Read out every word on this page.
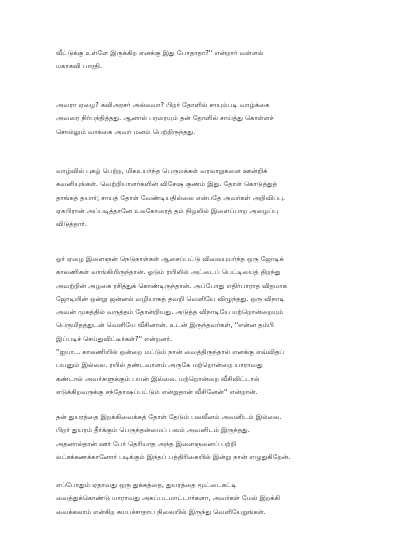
வீட்டுக்கு உள்ளே இருக்கிற எனக்கு இது போதாதா?'' என்றார் வள்ளல்
மகாகவி பாரதி.

அவரா ஏழை? கவிஅரசர் அல்லவா? பிறர் தோளில் சாயும்படி வாழ்க்கை
அவரை நிர்பந்தித்தது. ஆனால் பரரையும் தன் தோளில் சாய்த்து கொள்ளச்
சொல்லும் வாக்கை அவர் மனம் பெற்றிருந்தது.

வாழ்வில் புகழ் பெற்ற, மிகஉயர்ந்த பெருமக்கள் வரலாறுகளை ஊன்றிக்
கவனியுங்கள். வெற்றியாளர்களின் விசேஷ குணம் இது. தோள் கொடுத்துத்
தாங்கத் தயார்; சாயத் தோள் வேண்டியதில்லை என்பதே அவர்கள் அறிவிப்பு.
ஏகபிரான் அப்படித்தானே உலகோரைத் தம் நிழலில் இளைப்பாற அழைப்பு
விடுத்தார்.

ஓர் ஏழை இளைஞன் நெடுநாள்கள் ஆசைப்பட்டு விலையுயர்ந்த ஒரு ஜோடிக்
காலணிகள் வாங்கியிருந்தான். ஓடும் ரயிலில் அட்டைப் பெட்டியைத் திறந்து
அவற்றின் அழகை ரசித்துக் கொண்டிருந்தான். அப்போது எதிர்பாராத விதமாக
ஜோடியின் ஒன்று ஜன்னல் வழியாகத் தவறி வெளியே விழுந்தது. ஒரு விநாடி
அவன் முகத்தில் வருத்தம் தோன்றியது. அடுத்த விநாடியே மற்றொன்றையும்
பெருமிதத்துடன் வெளியே வீசினான். உடன் இருந்தவர்கள், ''என்ன தம்பி
இப்படிச் செய்துவிட்டீர்கள்?'' என்றனர்.
''ஐயா... காலணியில் ஒன்றை மட்டும் நான் வைத்திருந்தால் எனக்கு எவ்விதப்
பயனும் இல்லை. ரயில் தண்டவாளம் அருகே மற்றொன்றை யாராவது
கண்டால் அவர்களுக்கும் பயன் இல்லை. மற்றொன்றை வீசிவிட்டால்
எடுக்கிறவருக்கு சந்தோஷப்பட்டும் என்றுதான் வீசினேன்'' என்றான்.

தன் துயரத்தை இறக்கிவைக்கத் தோள் தேடும் பலவீனம் அவனிடம் இல்லை.
பிறர் துயரம் தீர்க்கும் பெருந்தன்மைப் பலம் அவனிடம் இருந்தது.
அதனால்தான் ஊர் பேர் தெரியாத அந்த இளைஞனைப் பற்றி
லட்சக்கணக்கானோர் படிக்கும் இந்தப் பத்திரிகையில் இன்று நான் எழுதுகிறேன்.

எப்போதும் ஏதாவது ஒரு துக்கத்தை, துயரத்தை மூட்டைகட்டி
வைத்துக்கொண்டு யாராவது அகப்படமாட்டார்களா, அவர்கள் மேல் இறக்கி
வைக்கலாம் என்கிற சுயபச்சாதாப நிலையில் இருந்து வெளியேறுங்கள்.
